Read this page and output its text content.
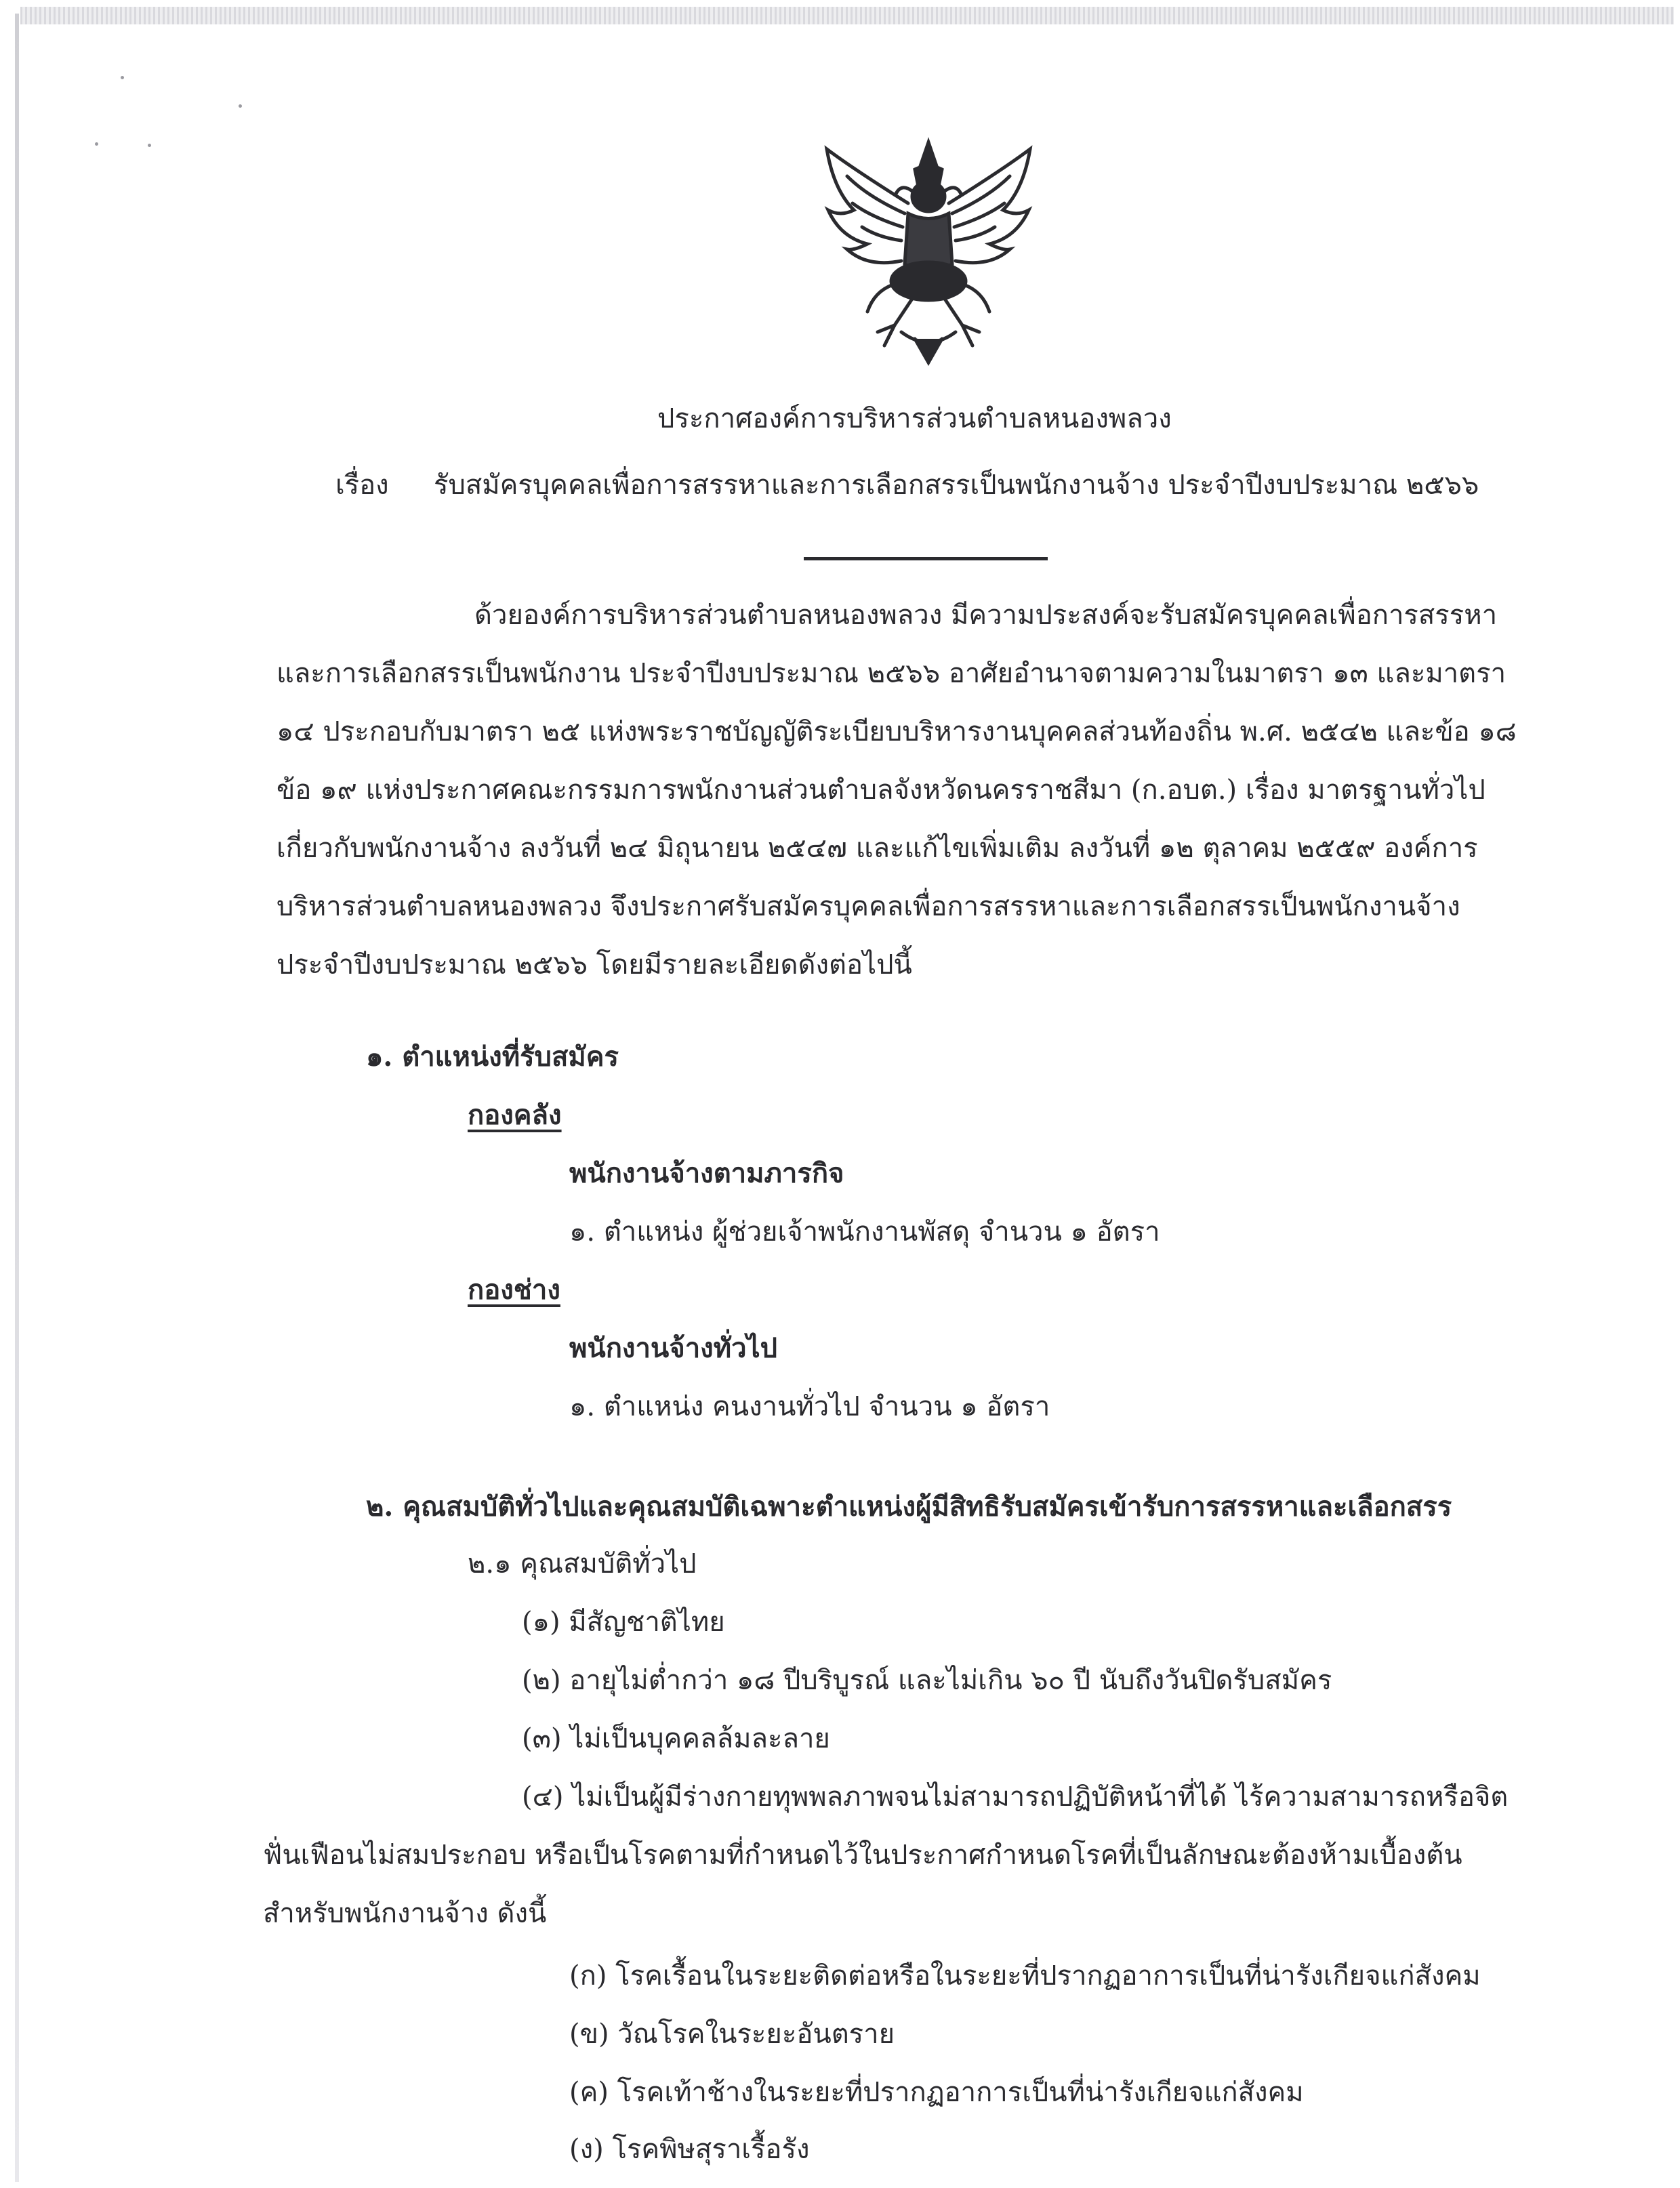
ประกาศองค์การบริหารส่วนตำบลหนองพลวง
เรื่อง รับสมัครบุคคลเพื่อการสรรหาและการเลือกสรรเป็นพนักงานจ้าง ประจำปีงบประมาณ ๒๕๖๖
ด้วยองค์การบริหารส่วนตำบลหนองพลวง มีความประสงค์จะรับสมัครบุคคลเพื่อการสรรหา
และการเลือกสรรเป็นพนักงาน ประจำปีงบประมาณ ๒๕๖๖ อาศัยอำนาจตามความในมาตรา ๑๓ และมาตรา
๑๔ ประกอบกับมาตรา ๒๕ แห่งพระราชบัญญัติระเบียบบริหารงานบุคคลส่วนท้องถิ่น พ.ศ. ๒๕๔๒ และข้อ ๑๘
ข้อ ๑๙ แห่งประกาศคณะกรรมการพนักงานส่วนตำบลจังหวัดนครราชสีมา (ก.อบต.) เรื่อง มาตรฐานทั่วไป
เกี่ยวกับพนักงานจ้าง ลงวันที่ ๒๔ มิถุนายน ๒๕๔๗ และแก้ไขเพิ่มเติม ลงวันที่ ๑๒ ตุลาคม ๒๕๕๙ องค์การ
บริหารส่วนตำบลหนองพลวง จึงประกาศรับสมัครบุคคลเพื่อการสรรหาและการเลือกสรรเป็นพนักงานจ้าง
ประจำปีงบประมาณ ๒๕๖๖ โดยมีรายละเอียดดังต่อไปนี้
๑. ตำแหน่งที่รับสมัคร
กองคลัง
พนักงานจ้างตามภารกิจ
๑. ตำแหน่ง ผู้ช่วยเจ้าพนักงานพัสดุ จำนวน ๑ อัตรา
กองช่าง
พนักงานจ้างทั่วไป
๑. ตำแหน่ง คนงานทั่วไป จำนวน ๑ อัตรา
๒. คุณสมบัติทั่วไปและคุณสมบัติเฉพาะตำแหน่งผู้มีสิทธิรับสมัครเข้ารับการสรรหาและเลือกสรร
๒.๑ คุณสมบัติทั่วไป
(๑) มีสัญชาติไทย
(๒) อายุไม่ต่ำกว่า ๑๘ ปีบริบูรณ์ และไม่เกิน ๖๐ ปี นับถึงวันปิดรับสมัคร
(๓) ไม่เป็นบุคคลล้มละลาย
(๔) ไม่เป็นผู้มีร่างกายทุพพลภาพจนไม่สามารถปฏิบัติหน้าที่ได้ ไร้ความสามารถหรือจิต
ฟั่นเฟือนไม่สมประกอบ หรือเป็นโรคตามที่กำหนดไว้ในประกาศกำหนดโรคที่เป็นลักษณะต้องห้ามเบื้องต้น
สำหรับพนักงานจ้าง ดังนี้
(ก) โรคเรื้อนในระยะติดต่อหรือในระยะที่ปรากฏอาการเป็นที่น่ารังเกียจแก่สังคม
(ข) วัณโรคในระยะอันตราย
(ค) โรคเท้าช้างในระยะที่ปรากฏอาการเป็นที่น่ารังเกียจแก่สังคม
(ง) โรคพิษสุราเรื้อรัง
